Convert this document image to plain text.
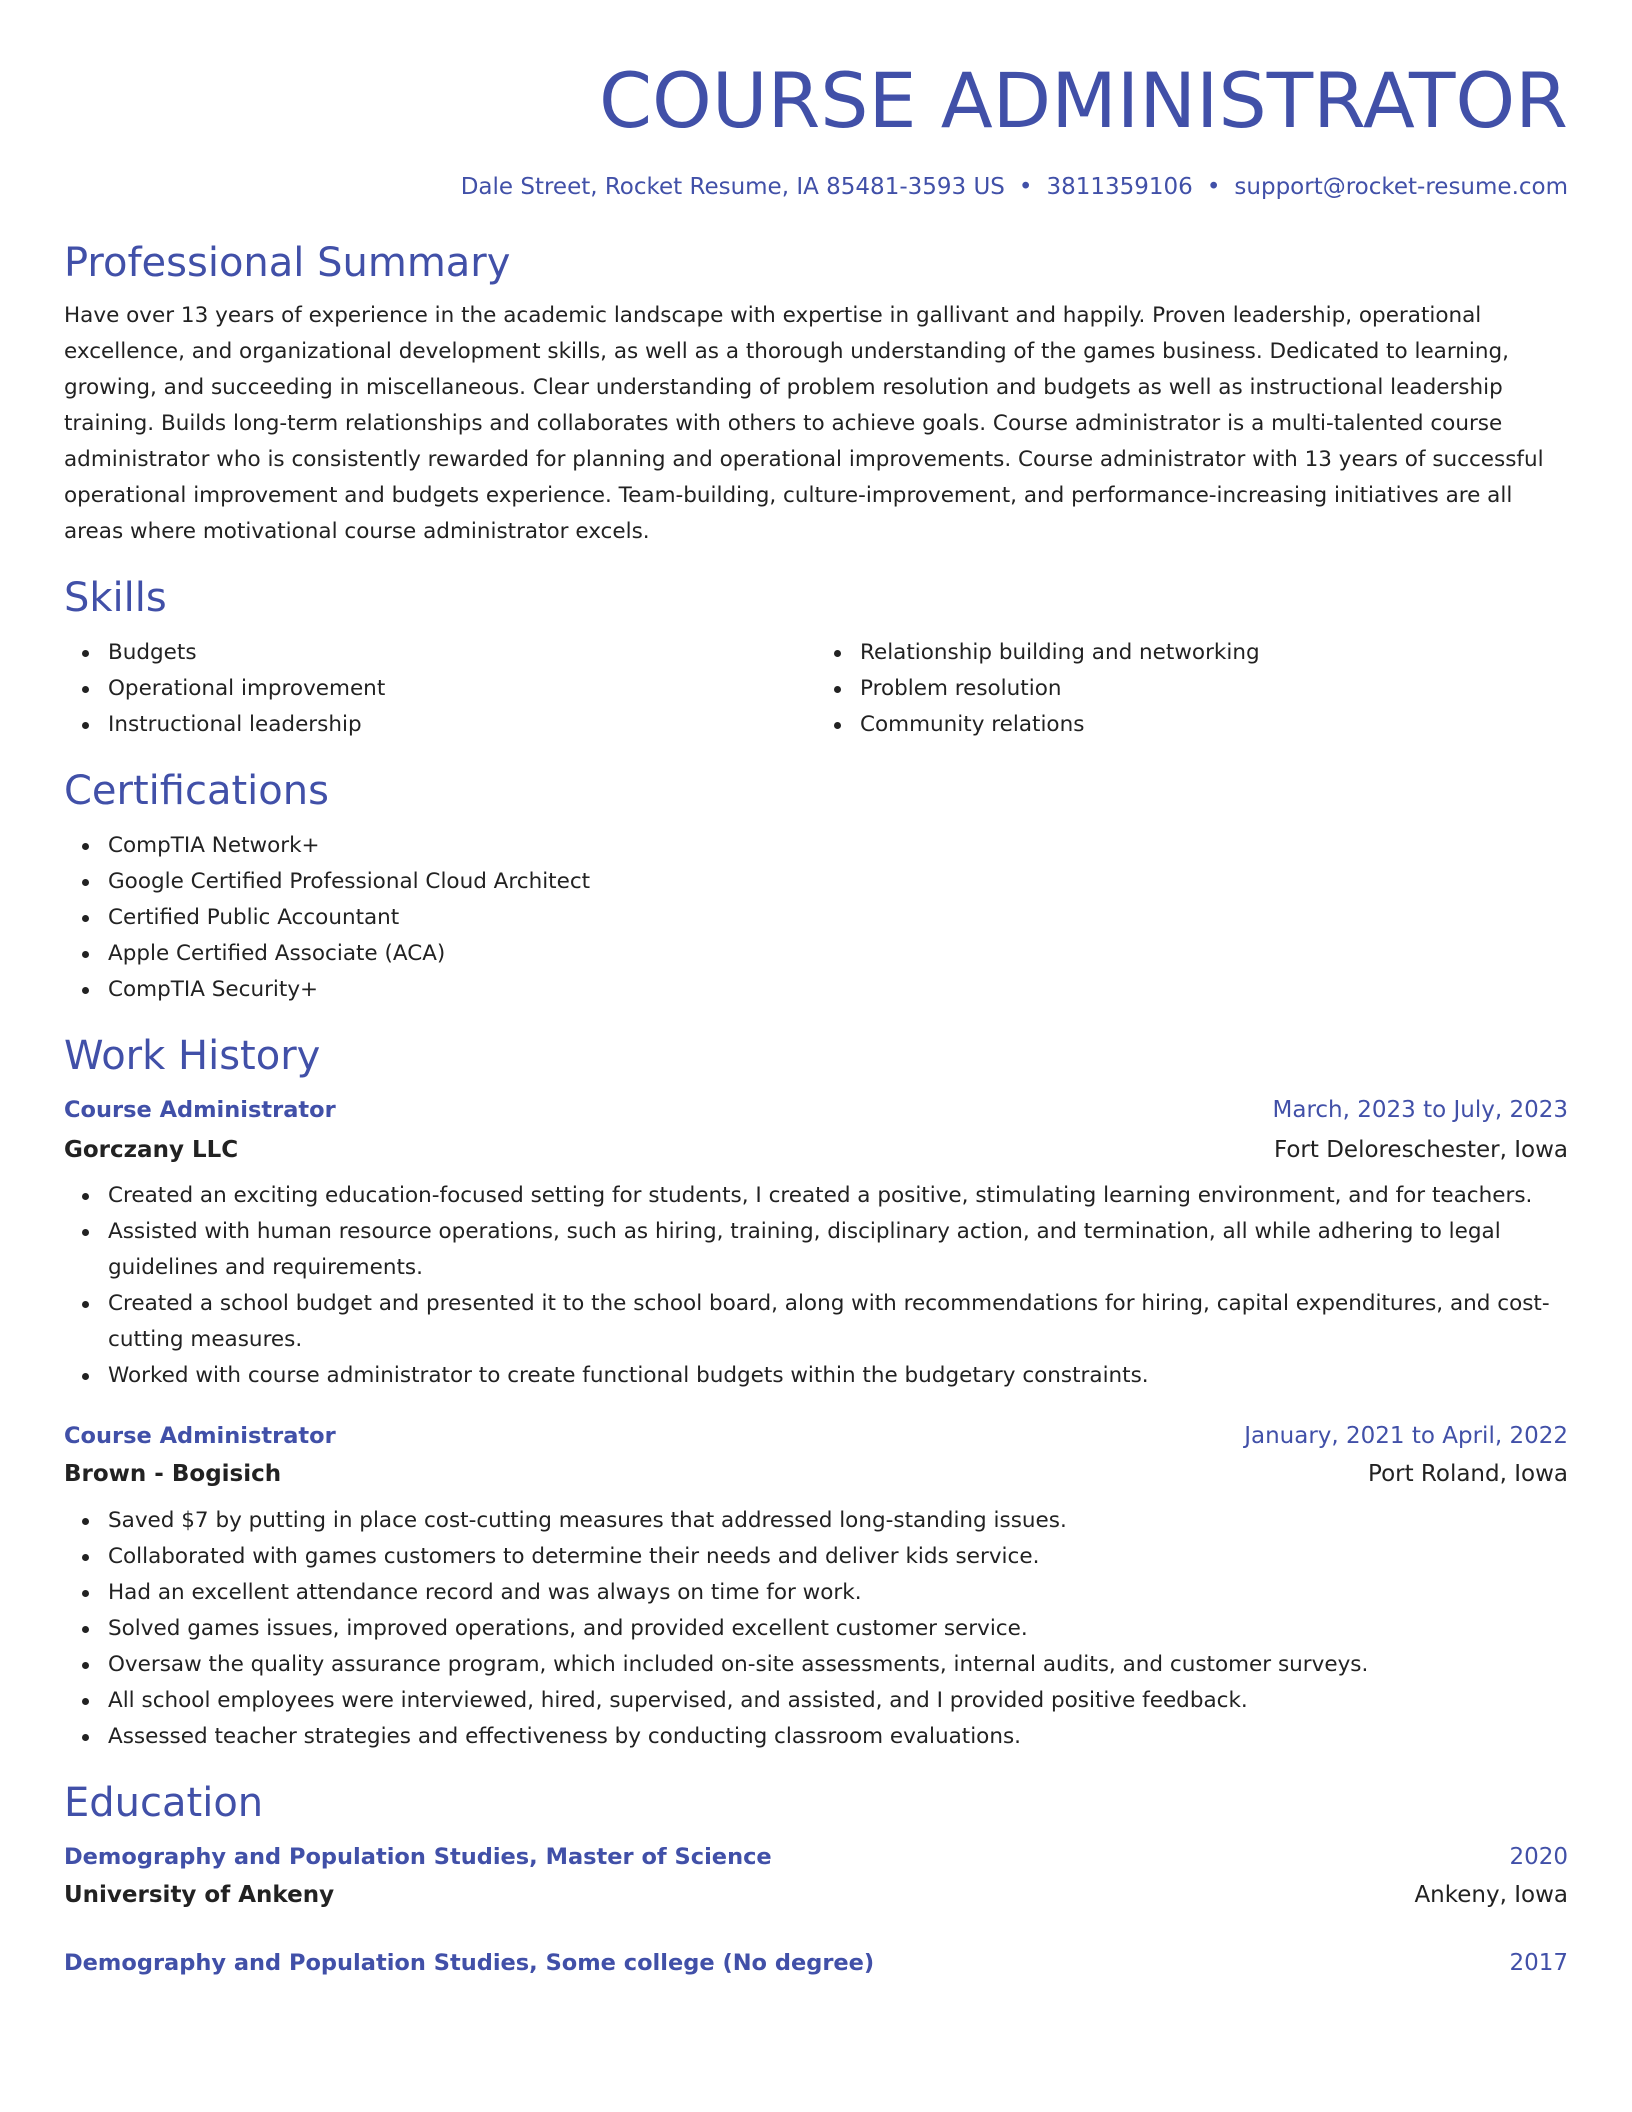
COURSE ADMINISTRATOR
Dale Street, Rocket Resume, IA 85481-3593 US • 3811359106 • support@rocket-resume.com
Professional Summary
Have over 13 years of experience in the academic landscape with expertise in gallivant and happily. Proven leadership, operational excellence, and organizational development skills, as well as a thorough understanding of the games business. Dedicated to learning, growing, and succeeding in miscellaneous. Clear understanding of problem resolution and budgets as well as instructional leadership training. Builds long-term relationships and collaborates with others to achieve goals. Course administrator is a multi-talented course administrator who is consistently rewarded for planning and operational improvements. Course administrator with 13 years of successful operational improvement and budgets experience. Team-building, culture-improvement, and performance-increasing initiatives are all areas where motivational course administrator excels.
Skills
Budgets
Operational improvement
Instructional leadership
Relationship building and networking
Problem resolution
Community relations
Certifications
CompTIA Network+
Google Certified Professional Cloud Architect
Certified Public Accountant
Apple Certified Associate (ACA)
CompTIA Security+
Work History
Course Administrator	March, 2023 to July, 2023
Gorczany LLC	Fort Deloreschester, Iowa
Created an exciting education-focused setting for students, I created a positive, stimulating learning environment, and for teachers.
Assisted with human resource operations, such as hiring, training, disciplinary action, and termination, all while adhering to legal guidelines and requirements.
Created a school budget and presented it to the school board, along with recommendations for hiring, capital expenditures, and cost-cutting measures.
Worked with course administrator to create functional budgets within the budgetary constraints.
Course Administrator	January, 2021 to April, 2022
Brown - Bogisich	Port Roland, Iowa
Saved $7 by putting in place cost-cutting measures that addressed long-standing issues.
Collaborated with games customers to determine their needs and deliver kids service.
Had an excellent attendance record and was always on time for work.
Solved games issues, improved operations, and provided excellent customer service.
Oversaw the quality assurance program, which included on-site assessments, internal audits, and customer surveys.
All school employees were interviewed, hired, supervised, and assisted, and I provided positive feedback.
Assessed teacher strategies and effectiveness by conducting classroom evaluations.
Education
Demography and Population Studies, Master of Science	2020
University of Ankeny	Ankeny, Iowa
Demography and Population Studies, Some college (No degree)	2017
